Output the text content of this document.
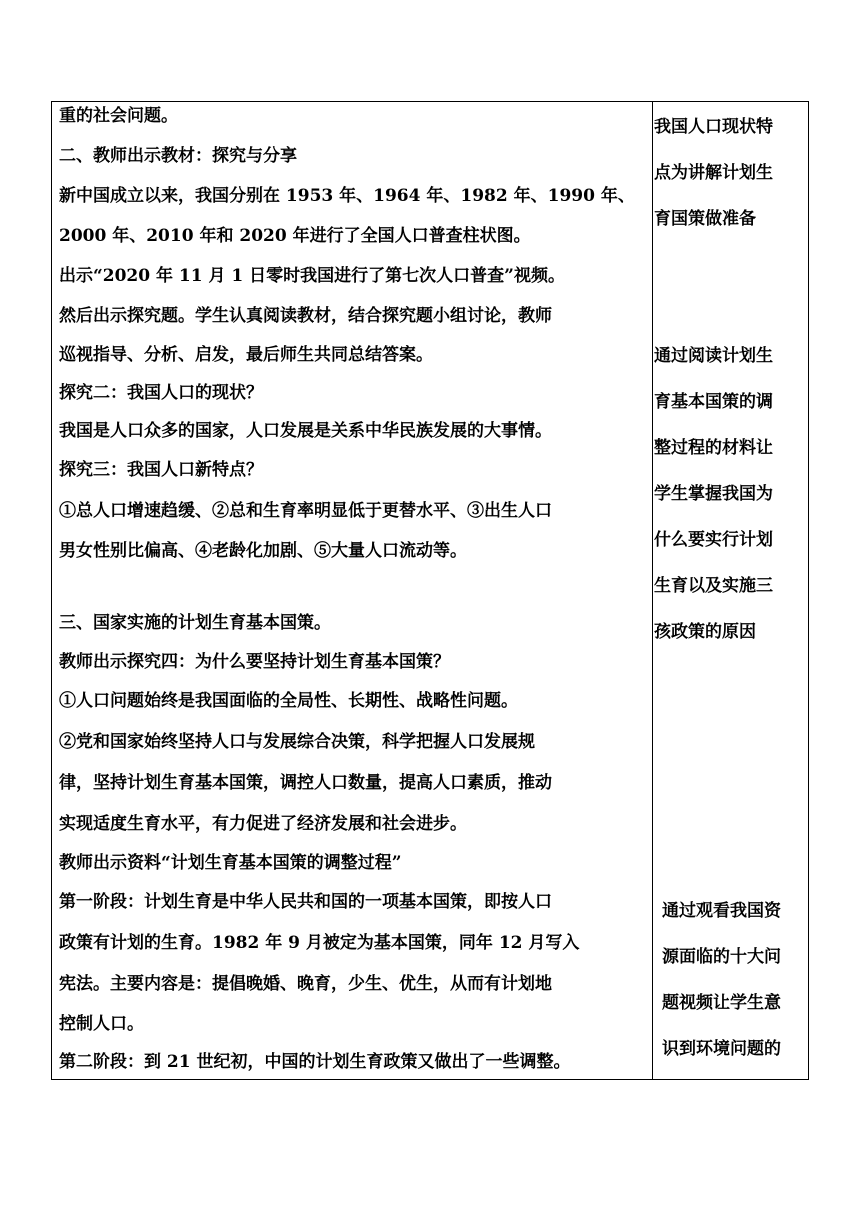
重的社会问题。
二、教师出示教材：探究与分享
新中国成立以来，我国分别在 1953 年、1964 年、1982 年、1990 年、
2000 年、2010 年和 2020 年进行了全国人口普查柱状图。
出示“2020 年 11 月 1 日零时我国进行了第七次人口普查”视频。
然后出示探究题。学生认真阅读教材，结合探究题小组讨论，教师
巡视指导、分析、启发，最后师生共同总结答案。
探究二：我国人口的现状？
我国是人口众多的国家，人口发展是关系中华民族发展的大事情。
探究三：我国人口新特点？
①总人口增速趋缓、②总和生育率明显低于更替水平、③出生人口
男女性别比偏高、④老龄化加剧、⑤大量人口流动等。
三、国家实施的计划生育基本国策。
教师出示探究四：为什么要坚持计划生育基本国策？
①人口问题始终是我国面临的全局性、长期性、战略性问题。
②党和国家始终坚持人口与发展综合决策，科学把握人口发展规
律，坚持计划生育基本国策，调控人口数量，提高人口素质，推动
实现适度生育水平，有力促进了经济发展和社会进步。
教师出示资料“计划生育基本国策的调整过程”
第一阶段：计划生育是中华人民共和国的一项基本国策，即按人口
政策有计划的生育。1982 年 9 月被定为基本国策，同年 12 月写入
宪法。主要内容是：提倡晚婚、晚育，少生、优生，从而有计划地
控制人口。
第二阶段：到 21 世纪初，中国的计划生育政策又做出了一些调整。
我国人口现状特
点为讲解计划生
育国策做准备
通过阅读计划生
育基本国策的调
整过程的材料让
学生掌握我国为
什么要实行计划
生育以及实施三
孩政策的原因
通过观看我国资
源面临的十大问
题视频让学生意
识到环境问题的
